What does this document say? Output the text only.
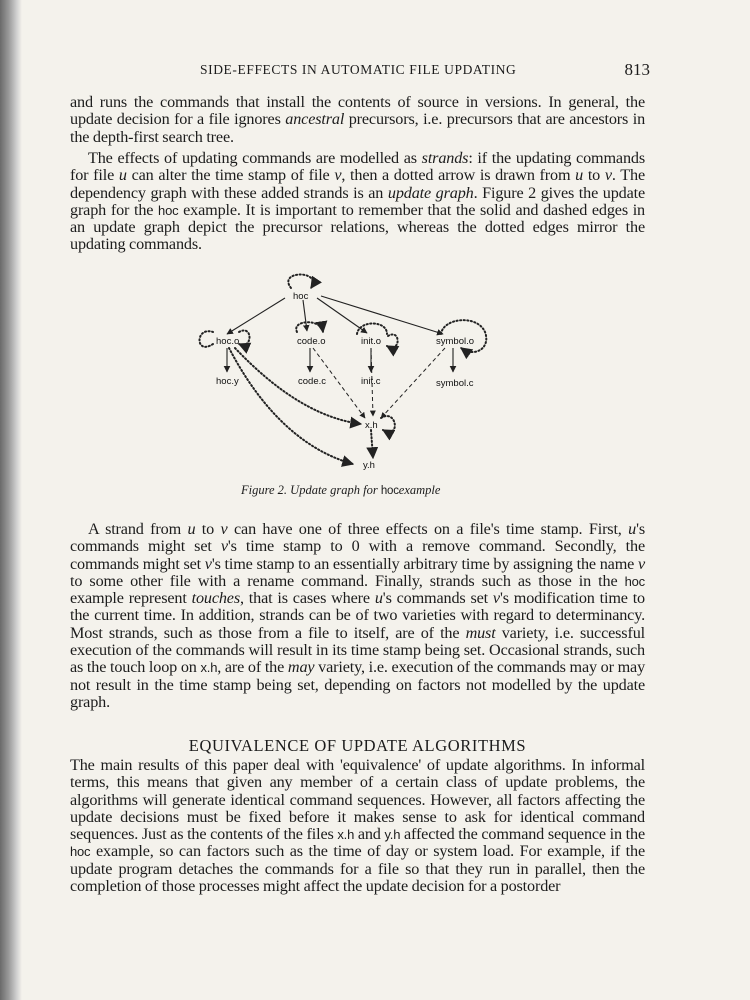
SIDE-EFFECTS IN AUTOMATIC FILE UPDATING	813

and runs the commands that install the contents of source in versions. In general, the update decision for a file ignores ancestral precursors, i.e. precursors that are ancestors in the depth-first search tree.

The effects of updating commands are modelled as strands: if the updating commands for file u can alter the time stamp of file v, then a dotted arrow is drawn from u to v. The dependency graph with these added strands is an update graph. Figure 2 gives the update graph for the hoc example. It is important to remember that the solid and dashed edges in an update graph depict the precursor relations, whereas the dotted edges mirror the updating commands.

hoc
hoc.o	code.o	init.o	symbol.o
hoc.y	code.c	init.c	symbol.c
x.h
y.h
Figure 2. Update graph for hocexample

A strand from u to v can have one of three effects on a file's time stamp. First, u's commands might set v's time stamp to 0 with a remove command. Secondly, the commands might set v's time stamp to an essentially arbitrary time by assigning the name v to some other file with a rename command. Finally, strands such as those in the hoc example represent touches, that is cases where u's commands set v's modification time to the current time. In addition, strands can be of two varieties with regard to determinancy. Most strands, such as those from a file to itself, are of the must variety, i.e. successful execution of the commands will result in its time stamp being set. Occasional strands, such as the touch loop on x.h, are of the may variety, i.e. execution of the commands may or may not result in the time stamp being set, depending on factors not modelled by the update graph.

EQUIVALENCE OF UPDATE ALGORITHMS

The main results of this paper deal with 'equivalence' of update algorithms. In informal terms, this means that given any member of a certain class of update problems, the algorithms will generate identical command sequences. However, all factors affecting the update decisions must be fixed before it makes sense to ask for identical command sequences. Just as the contents of the files x.h and y.h affected the command sequence in the hoc example, so can factors such as the time of day or system load. For example, if the update program detaches the commands for a file so that they run in parallel, then the completion of those processes might affect the update decision for a postorder
